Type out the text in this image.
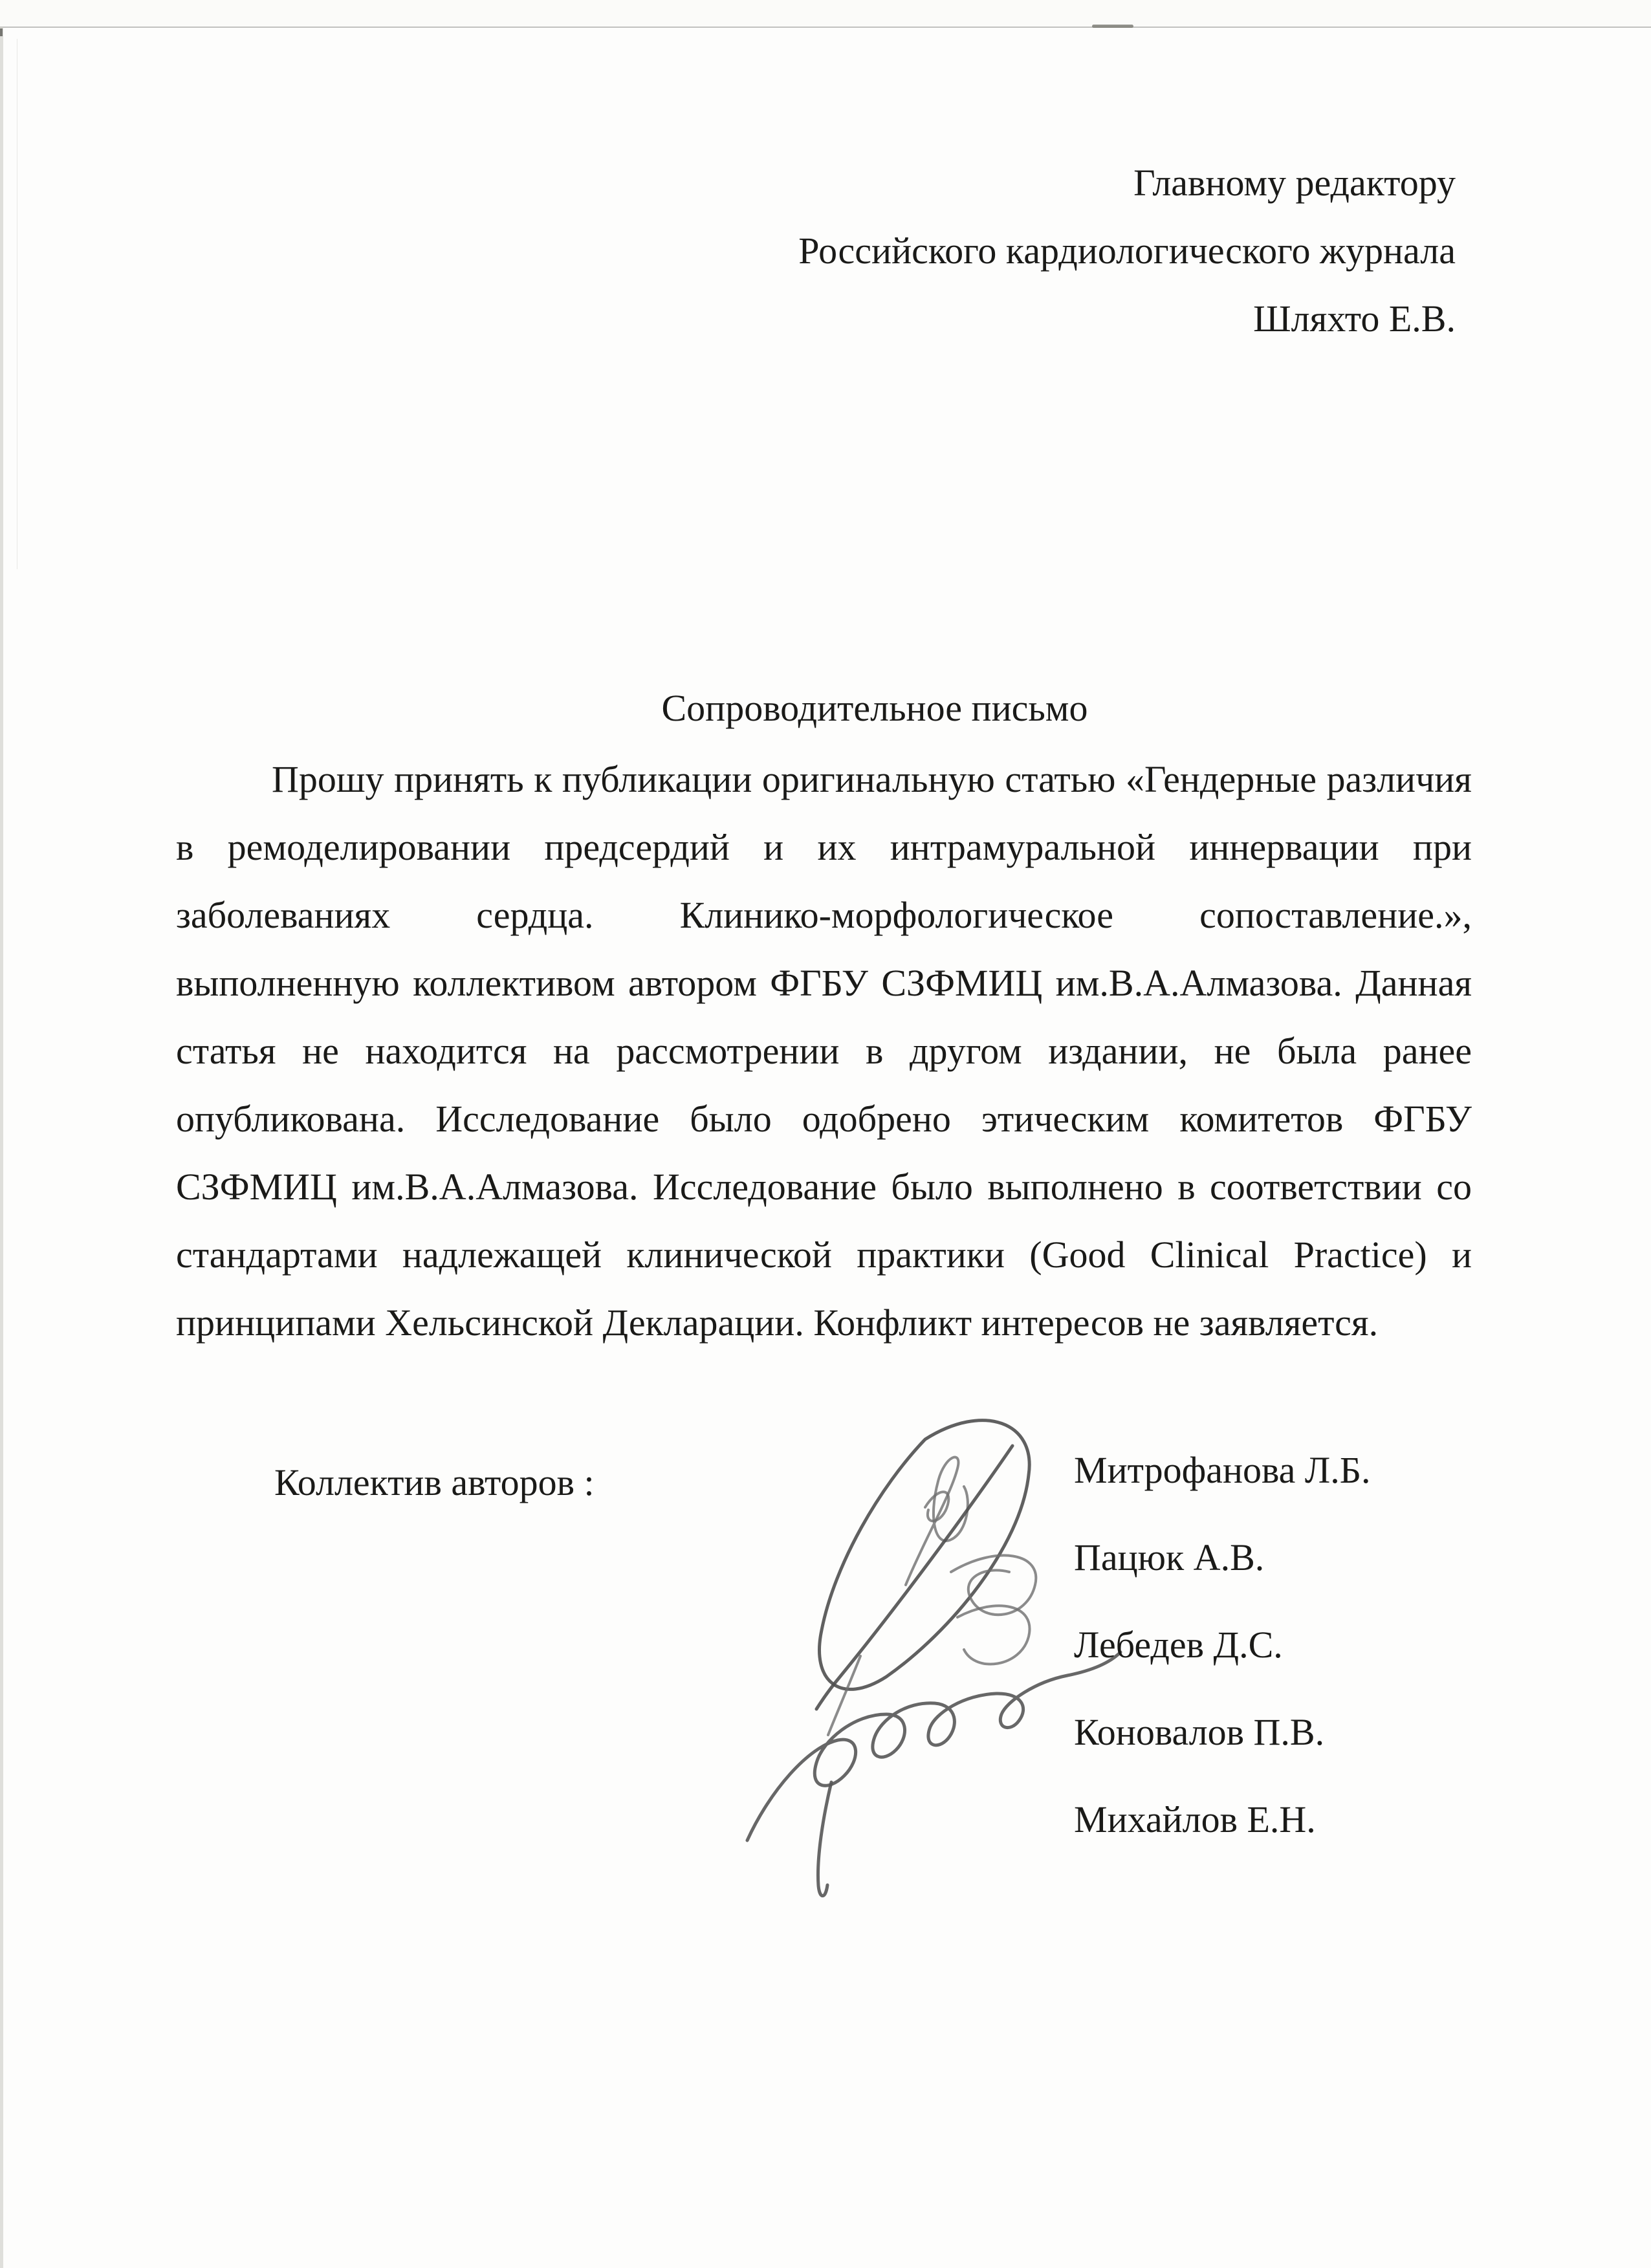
Главному редактору
Российского кардиологического журнала
Шляхто Е.В.
Сопроводительное письмо
Прошу принять к публикации оригинальную статью «Гендерные различия
в ремоделировании предсердий и их интрамуральной иннервации при
заболеваниях сердца. Клинико-морфологическое сопоставление.»,
выполненную коллективом автором ФГБУ СЗФМИЦ им.В.А.Алмазова. Данная
статья не находится на рассмотрении в другом издании, не была ранее
опубликована. Исследование было одобрено этическим комитетов ФГБУ
СЗФМИЦ им.В.А.Алмазова. Исследование было выполнено в соответствии со
стандартами надлежащей клинической практики (Good Clinical Practice) и
принципами Хельсинской Декларации. Конфликт интересов не заявляется.
Коллектив авторов :	Митрофанова Л.Б.
Пацюк А.В.
Лебедев Д.С.
Коновалов П.В.
Михайлов Е.Н.
